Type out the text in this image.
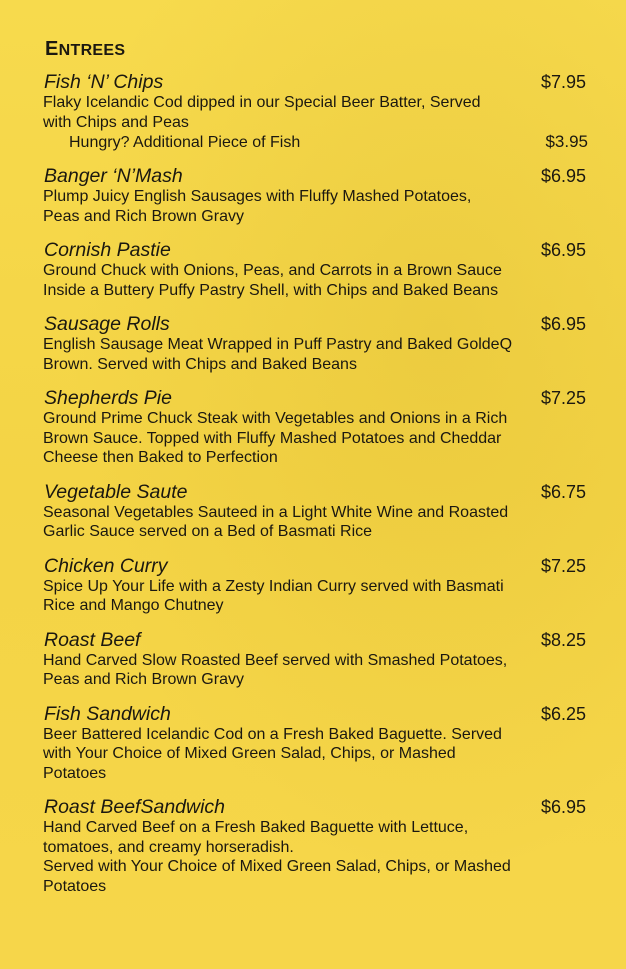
ENTREES
Fish ‘N’ Chips	$7.95
Flaky Icelandic Cod dipped in our Special Beer Batter, Served with Chips and Peas
Hungry? Additional Piece of Fish	$3.95
Banger ‘N’Mash	$6.95
Plump Juicy English Sausages with Fluffy Mashed Potatoes, Peas and Rich Brown Gravy
Cornish Pastie	$6.95
Ground Chuck with Onions, Peas, and Carrots in a Brown Sauce Inside a Buttery Puffy Pastry Shell, with Chips and Baked Beans
Sausage Rolls	$6.95
English Sausage Meat Wrapped in Puff Pastry and Baked GoldeQ Brown. Served with Chips and Baked Beans
Shepherds Pie	$7.25
Ground Prime Chuck Steak with Vegetables and Onions in a Rich Brown Sauce. Topped with Fluffy Mashed Potatoes and Cheddar Cheese then Baked to Perfection
Vegetable Saute	$6.75
Seasonal Vegetables Sauteed in a Light White Wine and Roasted Garlic Sauce served on a Bed of Basmati Rice
Chicken Curry	$7.25
Spice Up Your Life with a Zesty Indian Curry served with Basmati Rice and Mango Chutney
Roast Beef	$8.25
Hand Carved Slow Roasted Beef served with Smashed Potatoes, Peas and Rich Brown Gravy
Fish Sandwich	$6.25
Beer Battered Icelandic Cod on a Fresh Baked Baguette. Served with Your Choice of Mixed Green Salad, Chips, or Mashed Potatoes
Roast BeefSandwich	$6.95
Hand Carved Beef on a Fresh Baked Baguette with Lettuce, tomatoes, and creamy horseradish.
Served with Your Choice of Mixed Green Salad, Chips, or Mashed Potatoes
